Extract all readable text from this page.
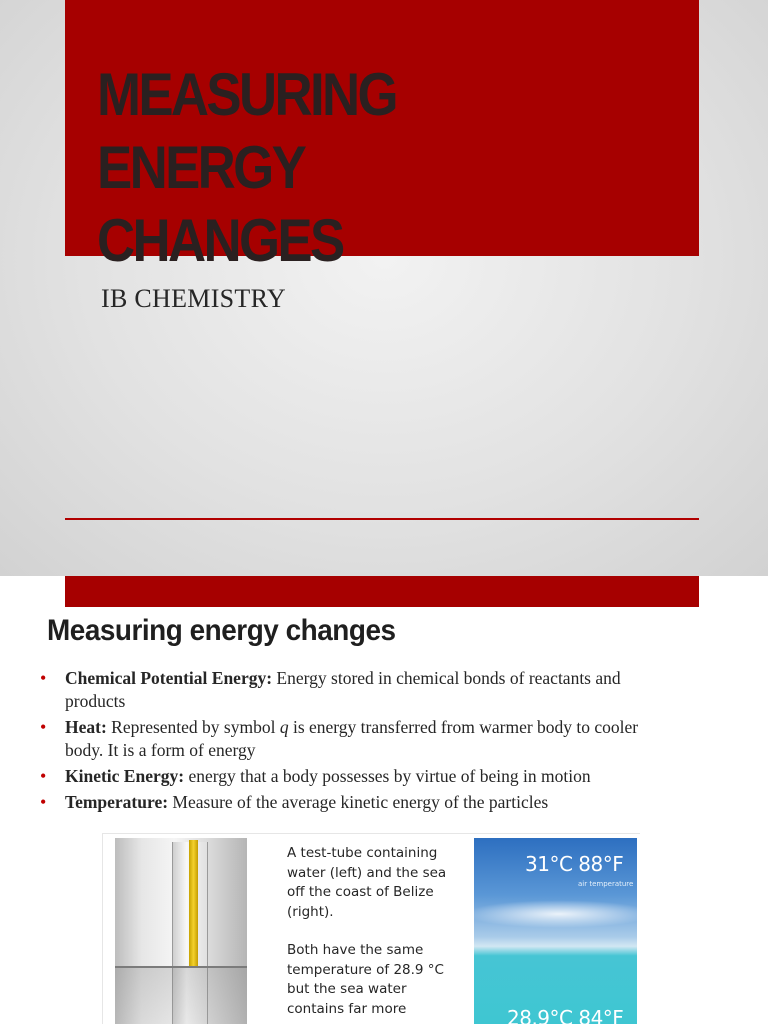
MEASURING ENERGY
CHANGES
IB CHEMISTRY
Measuring energy changes
• Chemical Potential Energy: Energy stored in chemical bonds of reactants and products
• Heat: Represented by symbol q is energy transferred from warmer body to cooler body. It is a form of energy
• Kinetic Energy: energy that a body possesses by virtue of being in motion
• Temperature: Measure of the average kinetic energy of the particles

A test-tube containing water (left) and the sea off the coast of Belize (right).

Both have the same temperature of 28.9 °C but the sea water contains far more

31°C 88°F
air temperature
28.9°C 84°F
